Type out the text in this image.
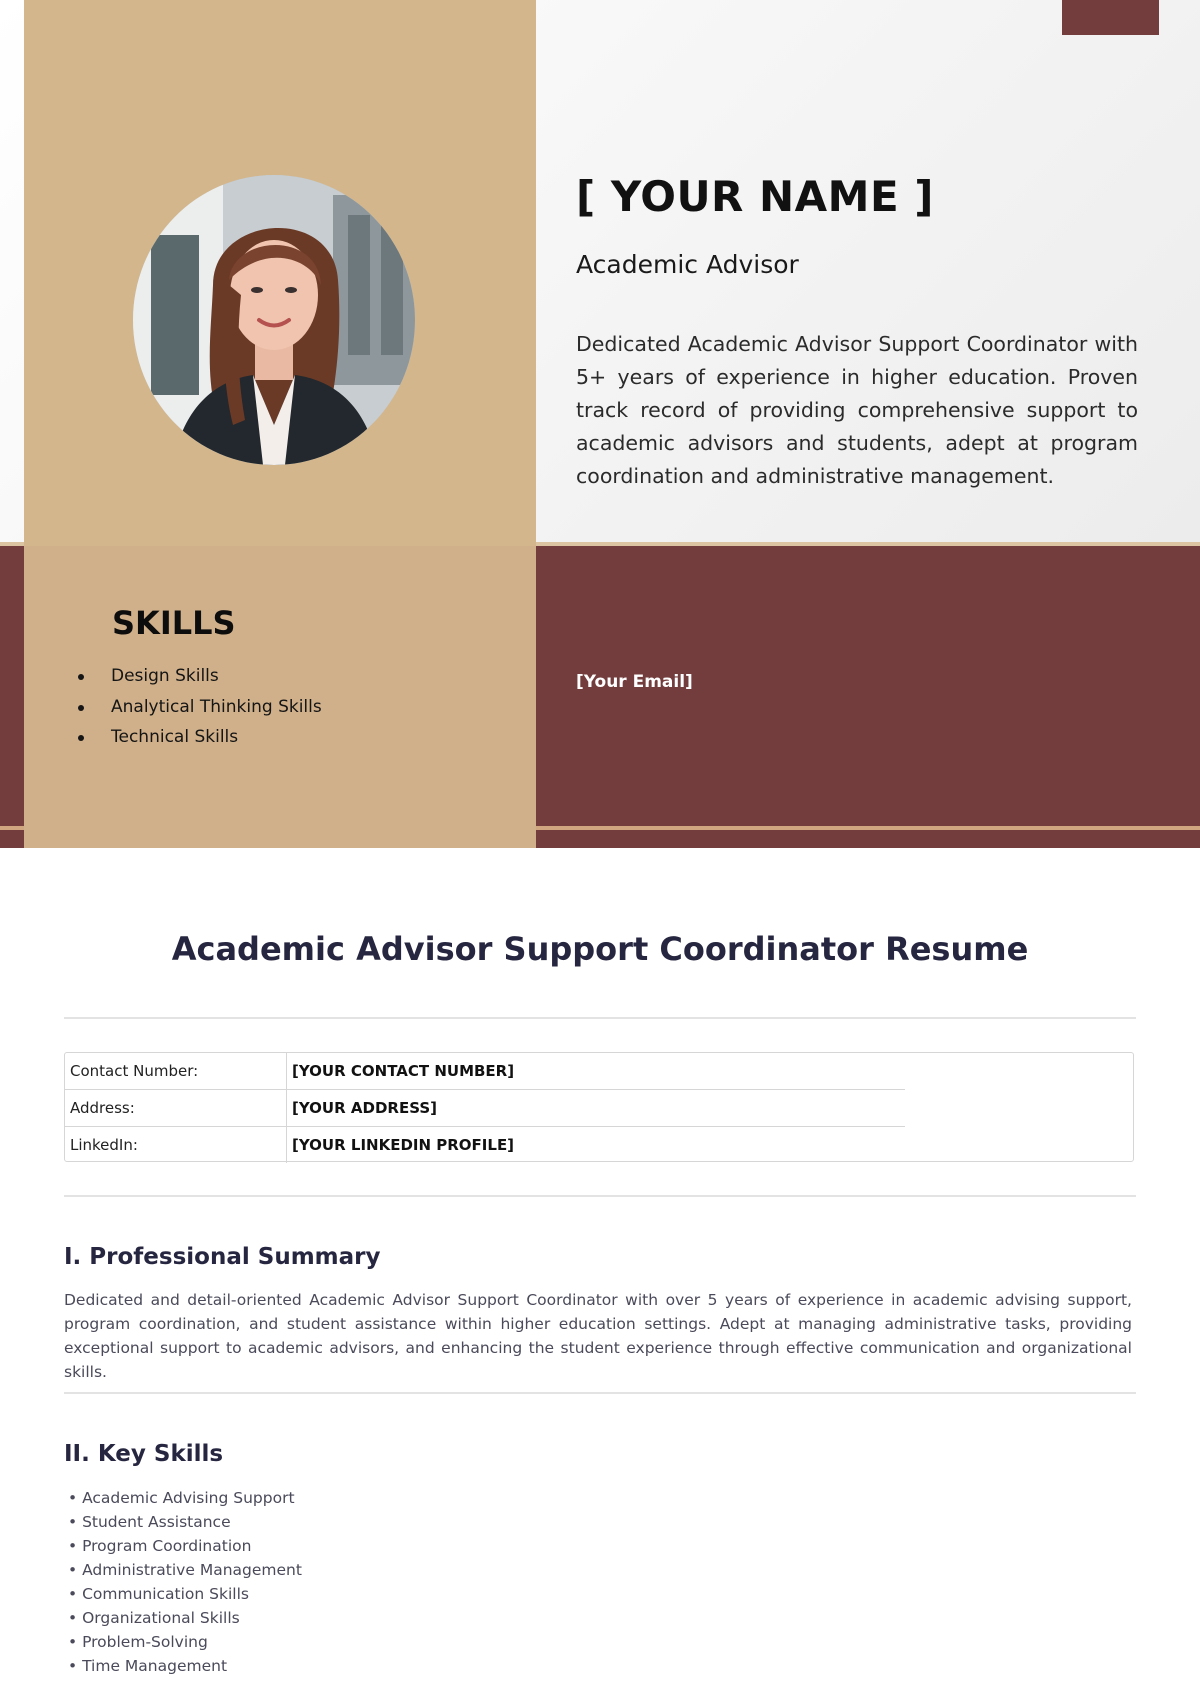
[ YOUR NAME ]

Academic Advisor

Dedicated Academic Advisor Support Coordinator with 5+ years of experience in higher education. Proven track record of providing comprehensive support to academic advisors and students, adept at program coordination and administrative management.

SKILLS
Design Skills
Analytical Thinking Skills
Technical Skills

[Your Email]

Academic Advisor Support Coordinator Resume
Contact Number:	[YOUR CONTACT NUMBER]
Address:	[YOUR ADDRESS]
LinkedIn:	[YOUR LINKEDIN PROFILE]
I. Professional Summary

Dedicated and detail-oriented Academic Advisor Support Coordinator with over 5 years of experience in academic advising support, program coordination, and student assistance within higher education settings. Adept at managing administrative tasks, providing exceptional support to academic advisors, and enhancing the student experience through effective communication and organizational skills.

II. Key Skills
• Academic Advising Support
• Student Assistance
• Program Coordination
• Administrative Management
• Communication Skills
• Organizational Skills
• Problem-Solving
• Time Management
